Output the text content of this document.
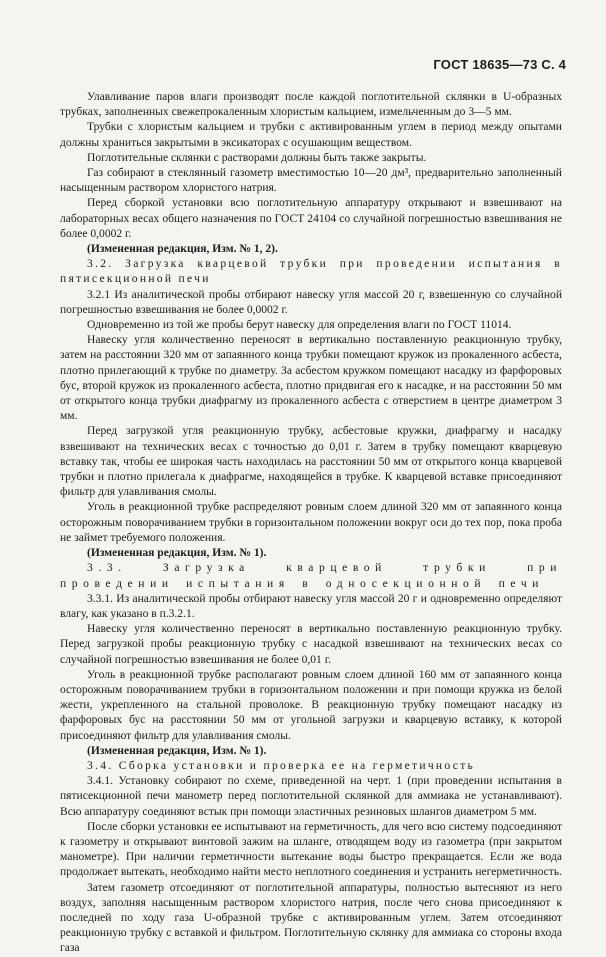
ГОСТ 18635—73 С. 4

Улавливание паров влаги производят после каждой поглотительной склянки в U-образных трубках, заполненных свежепрокаленным хлористым кальцием, измельченным до 3—5 мм.

Трубки с хлористым кальцием и трубки с активированным углем в период между опытами должны храниться закрытыми в эксикаторах с осушающим веществом.

Поглотительные склянки с растворами должны быть также закрыты.

Газ собирают в стеклянный газометр вместимостью 10—20 дм³, предварительно заполненный насыщенным раствором хлористого натрия.

Перед сборкой установки всю поглотительную аппаратуру открывают и взвешивают на лабораторных весах общего назначения по ГОСТ 24104 со случайной погрешностью взвешивания не более 0,0002 г.

(Измененная редакция, Изм. № 1, 2).

3.2. Загрузка кварцевой трубки при проведении испытания в пятисекционной печи

3.2.1 Из аналитической пробы отбирают навеску угля массой 20 г, взвешенную со случайной погрешностью взвешивания не более 0,0002 г.

Одновременно из той же пробы берут навеску для определения влаги по ГОСТ 11014.

Навеску угля количественно переносят в вертикально поставленную реакционную трубку, затем на расстоянии 320 мм от запаянного конца трубки помещают кружок из прокаленного асбеста, плотно прилегающий к трубке по диаметру. За асбестом кружком помещают насадку из фарфоровых бус, второй кружок из прокаленного асбеста, плотно придвигая его к насадке, и на расстоянии 50 мм от открытого конца трубки диафрагму из прокаленного асбеста с отверстием в центре диаметром 3 мм.

Перед загрузкой угля реакционную трубку, асбестовые кружки, диафрагму и насадку взвешивают на технических весах с точностью до 0,01 г. Затем в трубку помещают кварцевую вставку так, чтобы ее широкая часть находилась на расстоянии 50 мм от открытого конца кварцевой трубки и плотно прилегала к диафрагме, находящейся в трубке. К кварцевой вставке присоединяют фильтр для улавливания смолы.

Уголь в реакционной трубке распределяют ровным слоем длиной 320 мм от запаянного конца осторожным поворачиванием трубки в горизонтальном положении вокруг оси до тех пор, пока проба не займет требуемого положения.

(Измененная редакция, Изм. № 1).

3.3. Загрузка кварцевой трубки при проведении испытания в односекционной печи

3.3.1. Из аналитической пробы отбирают навеску угля массой 20 г и одновременно определяют влагу, как указано в п.3.2.1.

Навеску угля количественно переносят в вертикально поставленную реакционную трубку. Перед загрузкой пробы реакционную трубку с насадкой взвешивают на технических весах со случайной погрешностью взвешивания не более 0,01 г.

Уголь в реакционной трубке располагают ровным слоем длиной 160 мм от запаянного конца осторожным поворачиванием трубки в горизонтальном положении и при помощи кружка из белой жести, укрепленного на стальной проволоке. В реакционную трубку помещают насадку из фарфоровых бус на расстоянии 50 мм от угольной загрузки и кварцевую вставку, к которой присоединяют фильтр для улавливания смолы.

(Измененная редакция, Изм. № 1).

3.4. Сборка установки и проверка ее на герметичность

3.4.1. Установку собирают по схеме, приведенной на черт. 1 (при проведении испытания в пятисекционной печи манометр перед поглотительной склянкой для аммиака не устанавливают). Всю аппаратуру соединяют встык при помощи эластичных резиновых шлангов диаметром 5 мм.

После сборки установки ее испытывают на герметичность, для чего всю систему подсоединяют к газометру и открывают винтовой зажим на шланге, отводящем воду из газометра (при закрытом манометре). При наличии герметичности вытекание воды быстро прекращается. Если же вода продолжает вытекать, необходимо найти место неплотного соединения и устранить негерметичность.

Затем газометр отсоединяют от поглотительной аппаратуры, полностью вытесняют из него воздух, заполняя насыщенным раствором хлористого натрия, после чего снова присоединяют к последней по ходу газа U-образной трубке с активированным углем. Затем отсоединяют реакционную трубку с вставкой и фильтром. Поглотительную склянку для аммиака со стороны входа газа
